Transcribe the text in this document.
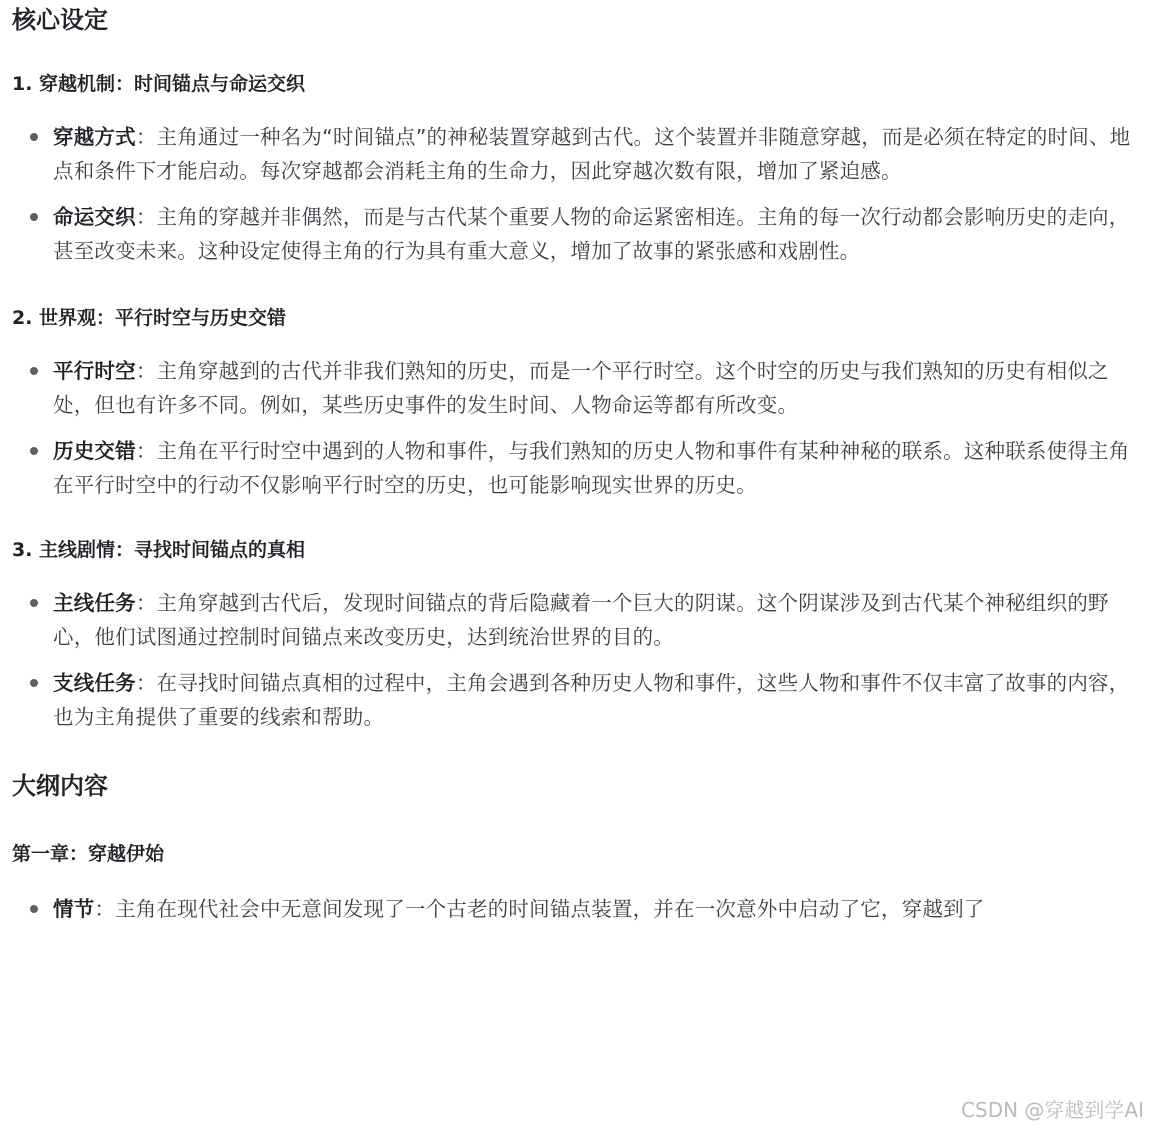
核心设定
1. 穿越机制：时间锚点与命运交织
穿越方式：主角通过一种名为“时间锚点”的神秘装置穿越到古代。这个装置并非随意穿越，而是必须在特定的时间、地点和条件下才能启动。每次穿越都会消耗主角的生命力，因此穿越次数有限，增加了紧迫感。
命运交织：主角的穿越并非偶然，而是与古代某个重要人物的命运紧密相连。主角的每一次行动都会影响历史的走向，甚至改变未来。这种设定使得主角的行为具有重大意义，增加了故事的紧张感和戏剧性。
2. 世界观：平行时空与历史交错
平行时空：主角穿越到的古代并非我们熟知的历史，而是一个平行时空。这个时空的历史与我们熟知的历史有相似之处，但也有许多不同。例如，某些历史事件的发生时间、人物命运等都有所改变。
历史交错：主角在平行时空中遇到的人物和事件，与我们熟知的历史人物和事件有某种神秘的联系。这种联系使得主角在平行时空中的行动不仅影响平行时空的历史，也可能影响现实世界的历史。
3. 主线剧情：寻找时间锚点的真相
主线任务：主角穿越到古代后，发现时间锚点的背后隐藏着一个巨大的阴谋。这个阴谋涉及到古代某个神秘组织的野心，他们试图通过控制时间锚点来改变历史，达到统治世界的目的。
支线任务：在寻找时间锚点真相的过程中，主角会遇到各种历史人物和事件，这些人物和事件不仅丰富了故事的内容，也为主角提供了重要的线索和帮助。
大纲内容
第一章：穿越伊始
情节：主角在现代社会中无意间发现了一个古老的时间锚点装置，并在一次意外中启动了它，穿越到了
CSDN @穿越到学AI
